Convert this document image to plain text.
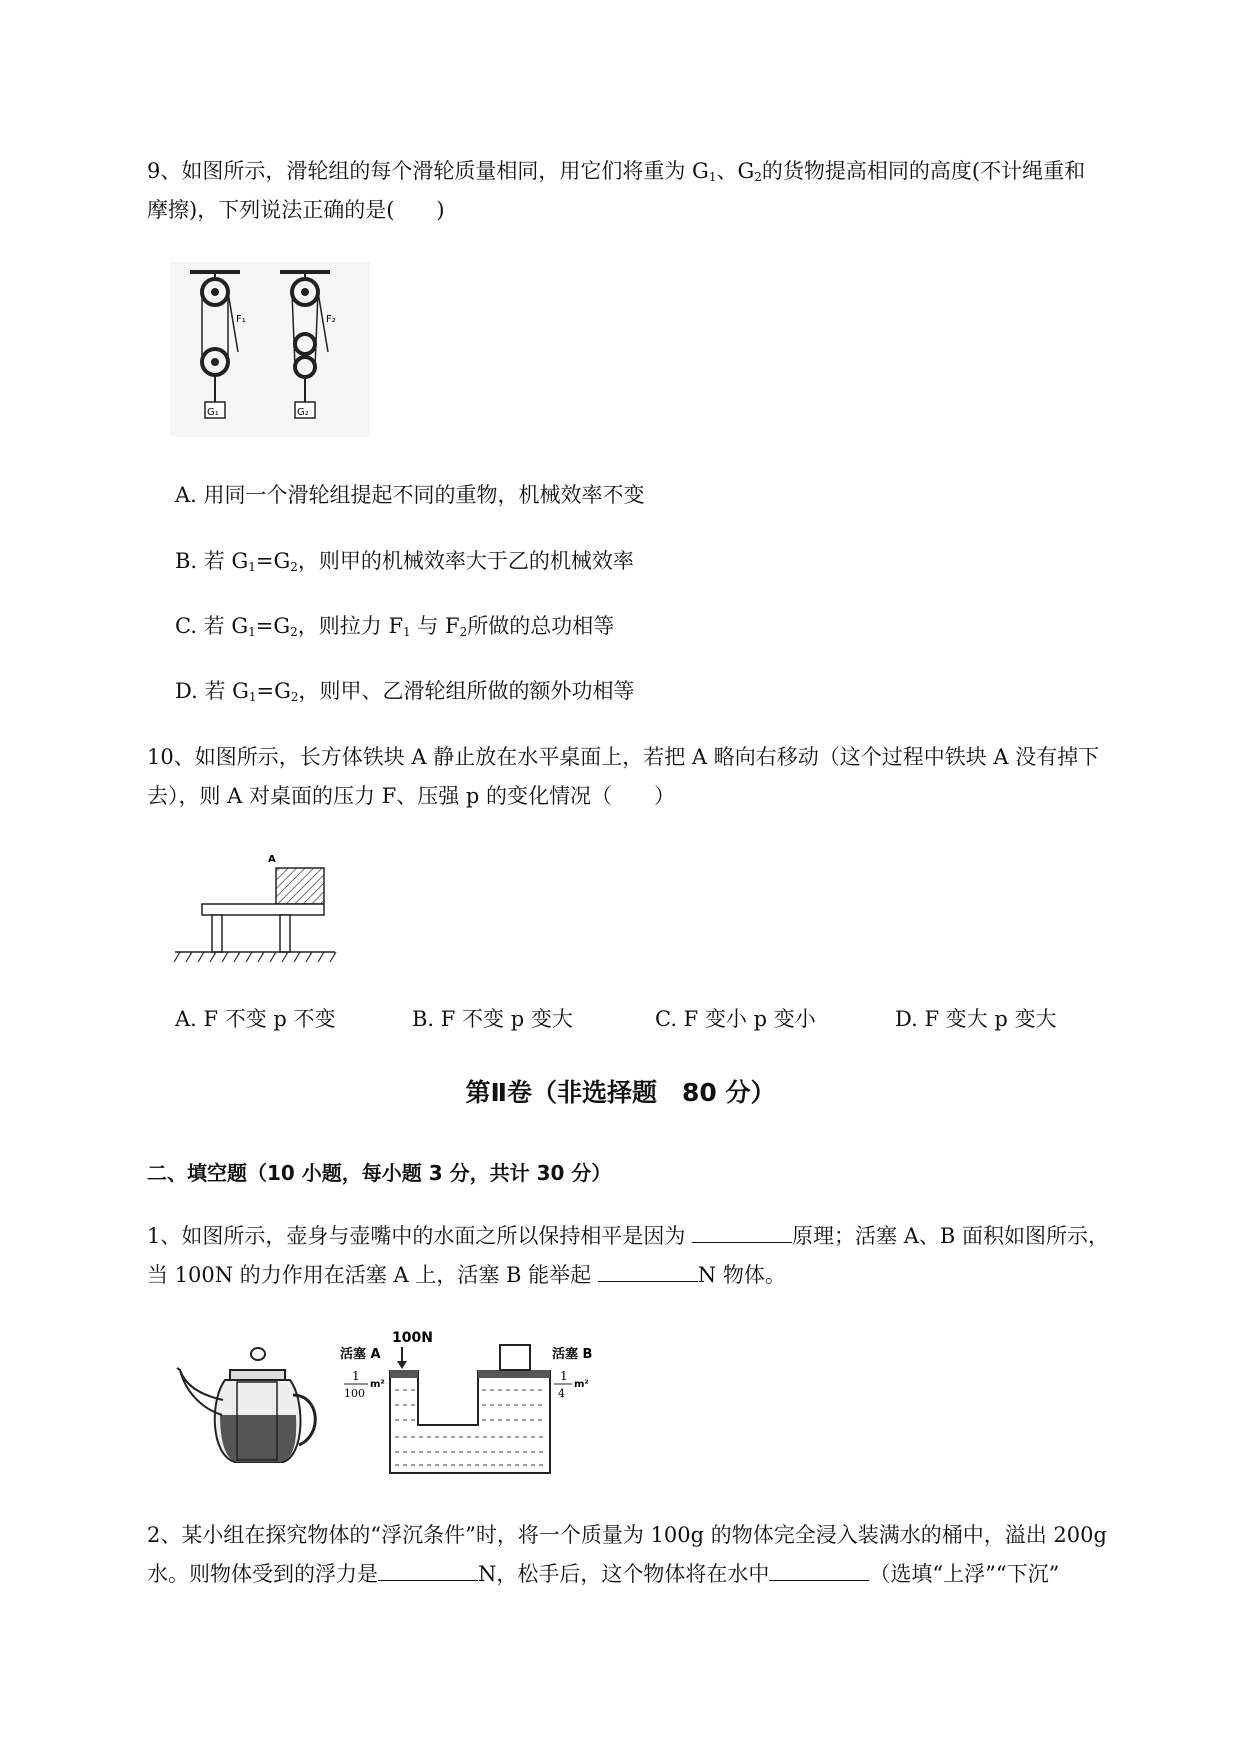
9、如图所示，滑轮组的每个滑轮质量相同，用它们将重为 $G_1$、$G_2$的货物提高相同的高度(不计绳重和
摩擦)，下列说法正确的是(　　)
G₁
F₁
G₂
F₂
A. 用同一个滑轮组提起不同的重物，机械效率不变
B. 若 $G_1=G_2$，则甲的机械效率大于乙的机械效率
C. 若 $G_1=G_2$，则拉力 $F_1$ 与 $F_2$所做的总功相等
D. 若 $G_1=G_2$，则甲、乙滑轮组所做的额外功相等
10、如图所示，长方体铁块 A 静止放在水平桌面上，若把 A 略向右移动（这个过程中铁块 A 没有掉下
去），则 A 对桌面的压力 F、压强 p 的变化情况（　　）
A
A. F 不变 p 不变	B. F 不变 p 变大	C. F 变小 p 变小	D. F 变大 p 变大
第Ⅱ卷（非选择题　80 分）
二、填空题（10 小题，每小题 3 分，共计 30 分）
1、如图所示，壶身与壶嘴中的水面之所以保持相平是因为	原理；活塞 A、B 面积如图所示，
当 100N 的力作用在活塞 A 上，活塞 B 能举起	N 物体。
100N
活塞 A
1
100
m²
活塞 B
1
4
m²
2、某小组在探究物体的“浮沉条件”时，将一个质量为 100g 的物体完全浸入装满水的桶中，溢出 200g
水。则物体受到的浮力是	N，松手后，这个物体将在水中	（选填“上浮”“下沉”
